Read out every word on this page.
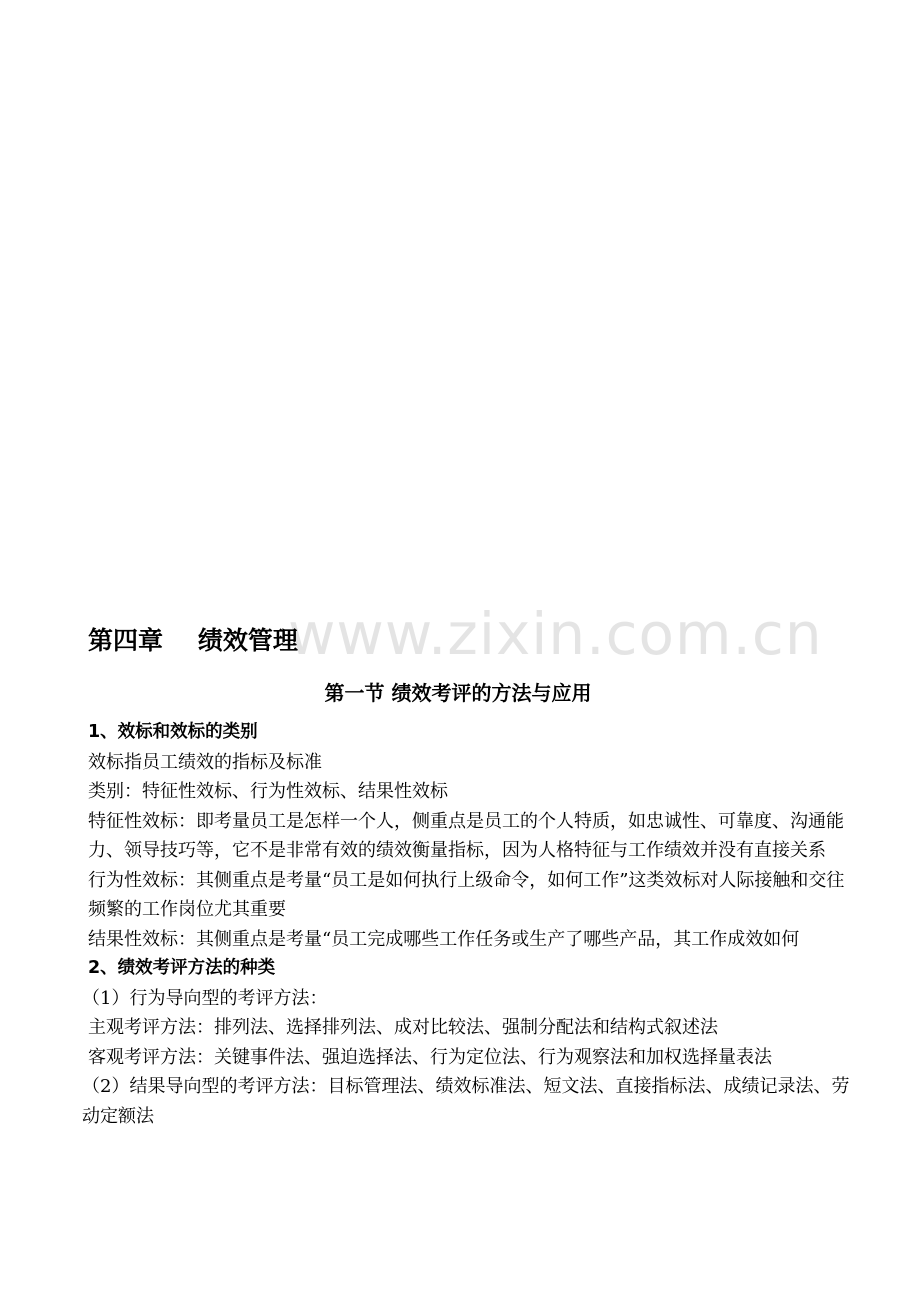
www.zixin.com.cn
第四章    绩效管理
第一节 绩效考评的方法与应用
1、效标和效标的类别
效标指员工绩效的指标及标准
类别：特征性效标、行为性效标、结果性效标
特征性效标：即考量员工是怎样一个人，侧重点是员工的个人特质，如忠诚性、可靠度、沟通能力、领导技巧等，它不是非常有效的绩效衡量指标，因为人格特征与工作绩效并没有直接关系
行为性效标：其侧重点是考量“员工是如何执行上级命令，如何工作”这类效标对人际接触和交往频繁的工作岗位尤其重要
结果性效标：其侧重点是考量“员工完成哪些工作任务或生产了哪些产品，其工作成效如何
2、绩效考评方法的种类
（1）行为导向型的考评方法：
主观考评方法：排列法、选择排列法、成对比较法、强制分配法和结构式叙述法
客观考评方法：关键事件法、强迫选择法、行为定位法、行为观察法和加权选择量表法
（2）结果导向型的考评方法：目标管理法、绩效标准法、短文法、直接指标法、成绩记录法、劳动定额法
